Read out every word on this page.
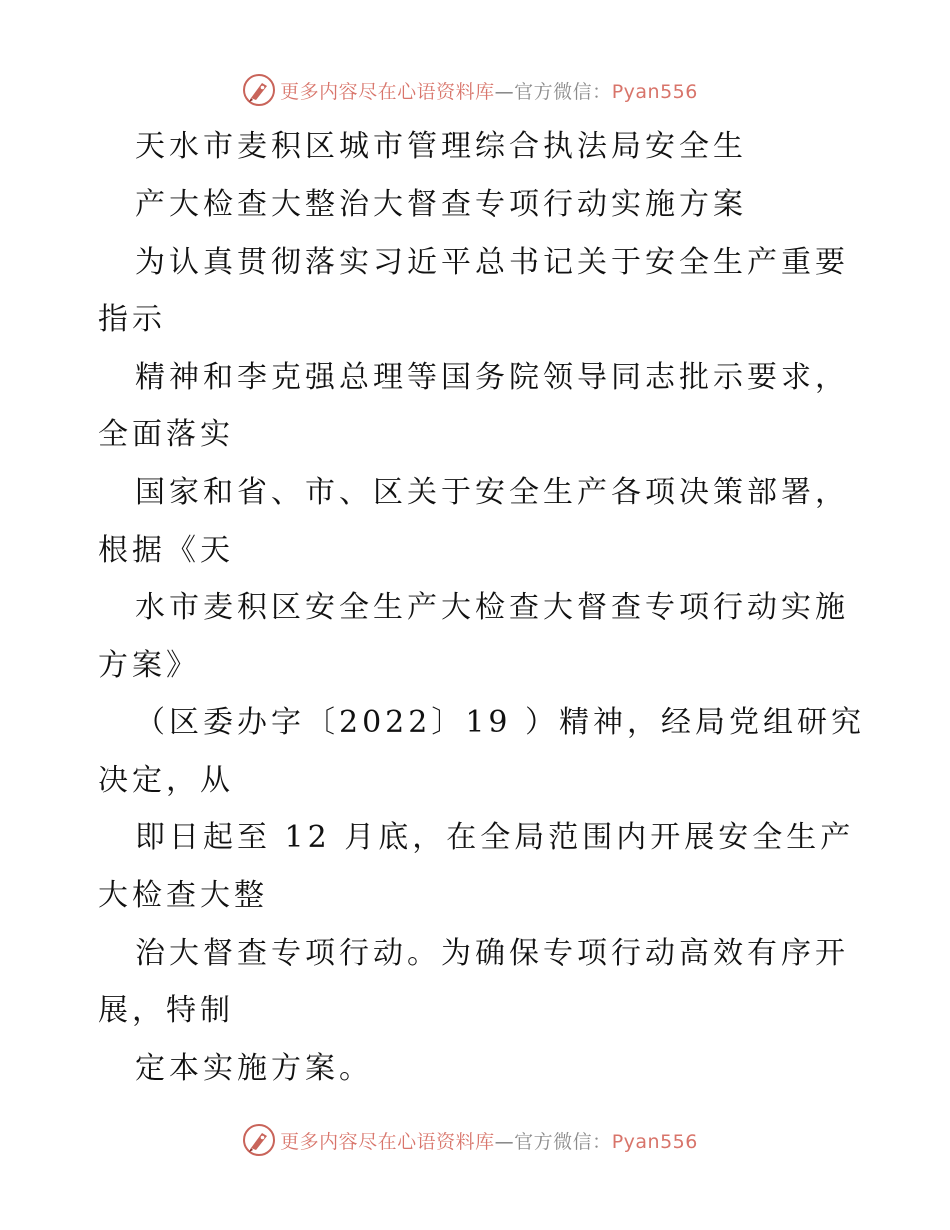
更多内容尽在心语资料库—官方微信：Pyan556
天水市麦积区城市管理综合执法局安全生
产大检查大整治大督查专项行动实施方案
为认真贯彻落实习近平总书记关于安全生产重要
指示
精神和李克强总理等国务院领导同志批示要求，
全面落实
国家和省、市、区关于安全生产各项决策部署，
根据《天
水市麦积区安全生产大检查大督查专项行动实施
方案》
（区委办字〔2022〕19 ）精神，经局党组研究
决定，从
即日起至 12 月底，在全局范围内开展安全生产
大检查大整
治大督查专项行动。为确保专项行动高效有序开
展，特制
定本实施方案。
更多内容尽在心语资料库—官方微信：Pyan556
